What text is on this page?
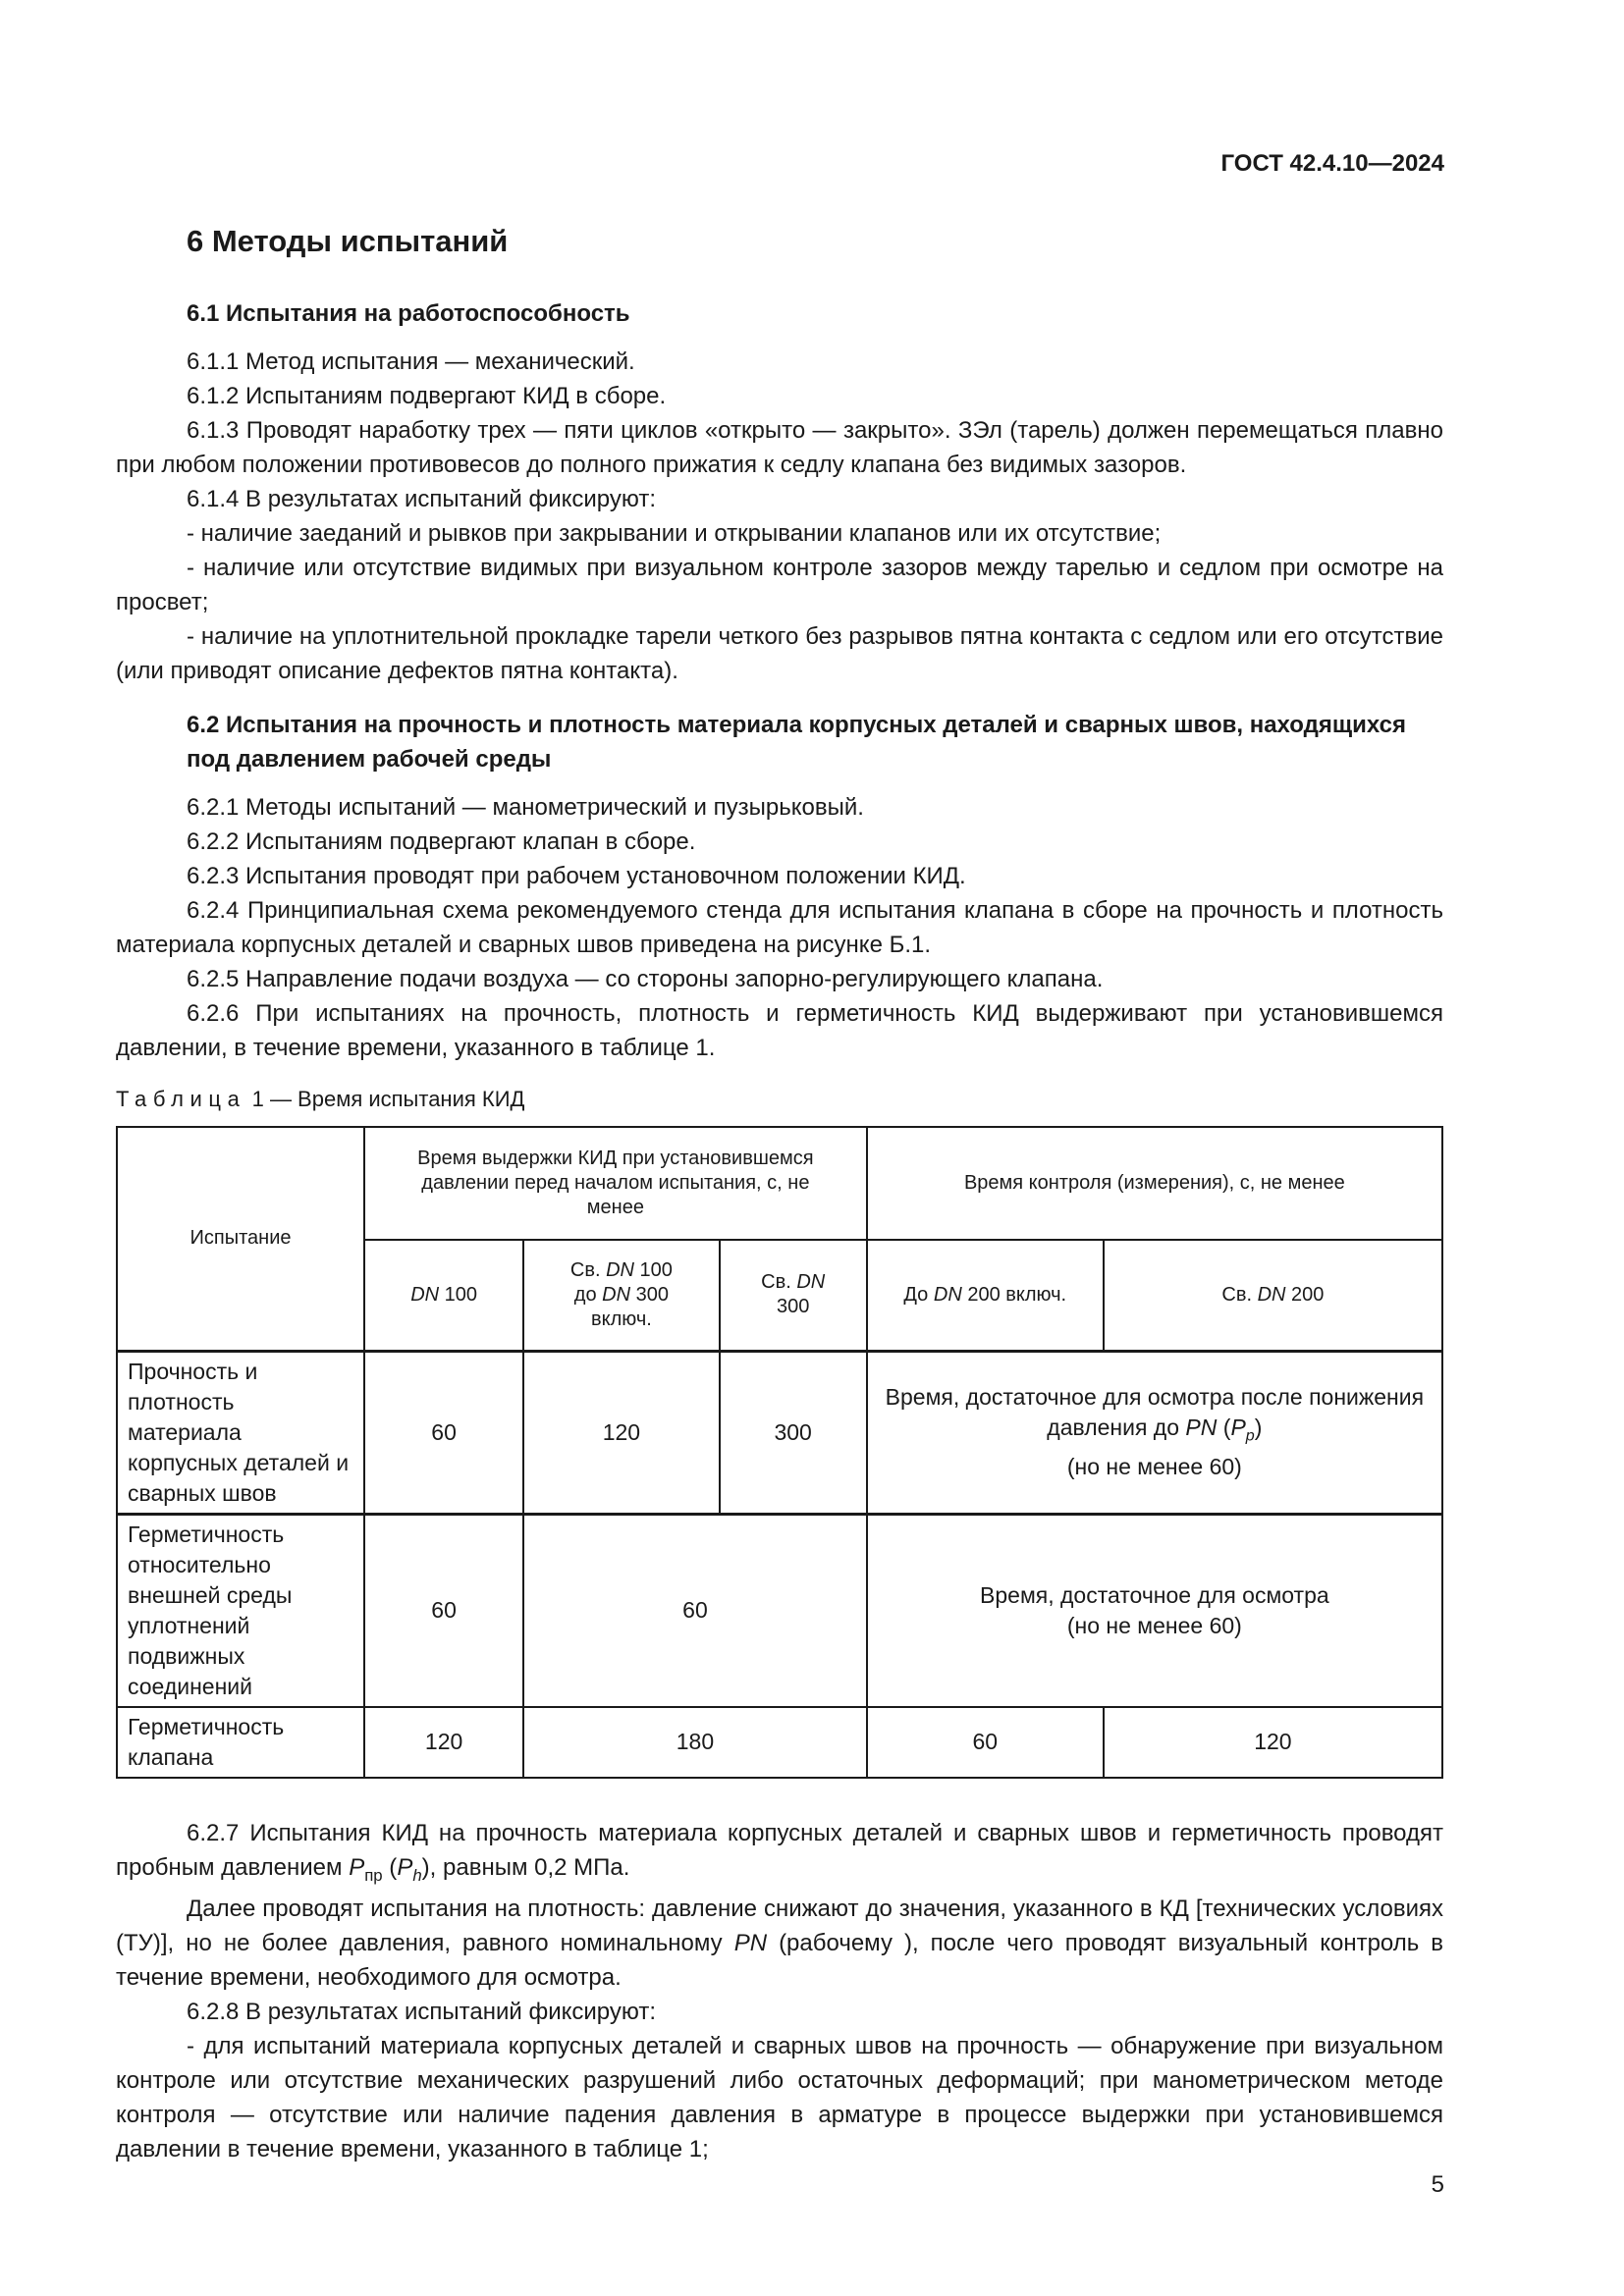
ГОСТ 42.4.10—2024
6 Методы испытаний
6.1 Испытания на работоспособность

6.1.1 Метод испытания — механический.

6.1.2 Испытаниям подвергают КИД в сборе.

6.1.3 Проводят наработку трех — пяти циклов «открыто — закрыто». ЗЭл (тарель) должен перемещаться плавно при любом положении противовесов до полного прижатия к седлу клапана без видимых зазоров.

6.1.4 В результатах испытаний фиксируют:

- наличие заеданий и рывков при закрывании и открывании клапанов или их отсутствие;

- наличие или отсутствие видимых при визуальном контроле зазоров между тарелью и седлом при осмотре на просвет;

- наличие на уплотнительной прокладке тарели четкого без разрывов пятна контакта с седлом или его отсутствие (или приводят описание дефектов пятна контакта).

6.2 Испытания на прочность и плотность материала корпусных деталей и сварных швов, находящихся под давлением рабочей среды

6.2.1 Методы испытаний — манометрический и пузырьковый.

6.2.2 Испытаниям подвергают клапан в сборе.

6.2.3 Испытания проводят при рабочем установочном положении КИД.

6.2.4 Принципиальная схема рекомендуемого стенда для испытания клапана в сборе на прочность и плотность материала корпусных деталей и сварных швов приведена на рисунке Б.1.

6.2.5 Направление подачи воздуха — со стороны запорно-регулирующего клапана.

6.2.6 При испытаниях на прочность, плотность и герметичность КИД выдерживают при установившемся давлении, в течение времени, указанного в таблице 1.

Таблица 1 — Время испытания КИД
Испытание	Время выдержки КИД при установившемся давлении перед началом испытания, с, не менее			Время контроля (измерения), с, не менее	
	DN 100	Св. DN 100
до DN 300
включ.	Св. DN
300	До DN 200 включ.	Св. DN 200
Прочность и плотность материала корпусных деталей и сварных швов	60	120	300	Время, достаточное для осмотра после понижения давления до PN $(P_p)$
(но не менее 60)	
Герметичность относительно внешней среды уплотнений подвижных соединений	60	60		Время, достаточное для осмотра
(но не менее 60)	
Герметичность клапана	120	180		60	120

6.2.7 Испытания КИД на прочность материала корпусных деталей и сварных швов и герметичность проводят пробным давлением $P_{пр}$ $(P_h)$, равным 0,2 МПа.

Далее проводят испытания на плотность: давление снижают до значения, указанного в КД [технических условиях (ТУ)], но не более давления, равного номинальному PN (рабочему ), после чего проводят визуальный контроль в течение времени, необходимого для осмотра.

6.2.8 В результатах испытаний фиксируют:

- для испытаний материала корпусных деталей и сварных швов на прочность — обнаружение при визуальном контроле или отсутствие механических разрушений либо остаточных деформаций; при манометрическом методе контроля — отсутствие или наличие падения давления в арматуре в процессе выдержки при установившемся давлении в течение времени, указанного в таблице 1;

5
